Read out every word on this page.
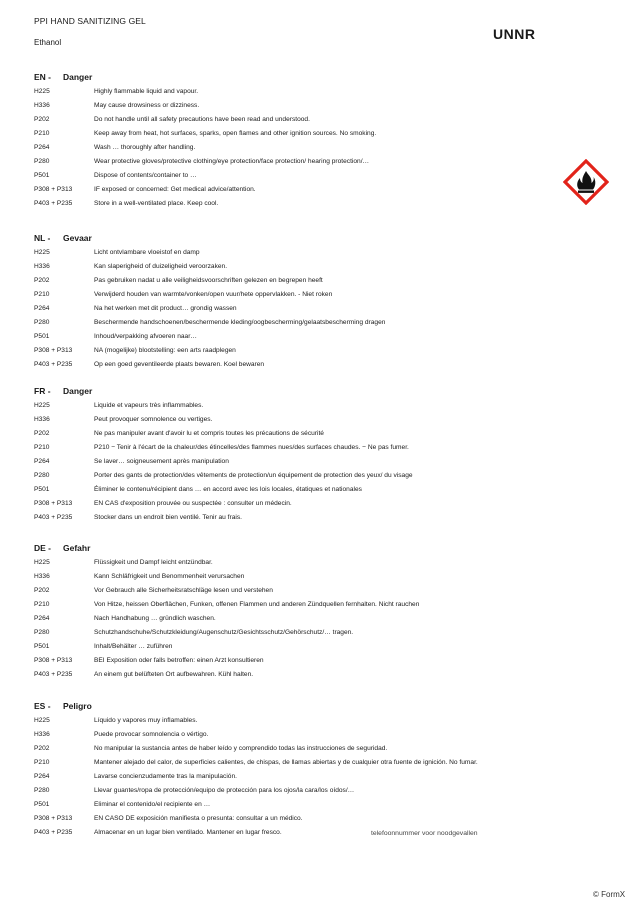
PPI HAND SANITIZING GEL
Ethanol
UNNR
EN - Danger
H225	Highly flammable liquid and vapour.
H336	May cause drowsiness or dizziness.
P202	Do not handle until all safety precautions have been read and understood.
P210	Keep away from heat, hot surfaces, sparks, open flames and other ignition sources. No smoking.
P264	Wash … thoroughly after handling.
P280	Wear protective gloves/protective clothing/eye protection/face protection/ hearing protection/…
P501	Dispose of contents/container to …
P308 + P313	IF exposed or concerned: Get medical advice/attention.
P403 + P235	Store in a well-ventilated place. Keep cool.
NL - Gevaar
H225	Licht ontvlambare vloeistof en damp
H336	Kan slaperigheid of duizeligheid veroorzaken.
P202	Pas gebruiken nadat u alle veiligheidsvoorschriften gelezen en begrepen heeft
P210	Verwijderd houden van warmte/vonken/open vuur/hete oppervlakken. - Niet roken
P264	Na het werken met dit product… grondig wassen
P280	Beschermende handschoenen/beschermende kleding/oogbescherming/gelaatsbescherming dragen
P501	Inhoud/verpakking afvoeren naar…
P308 + P313	NA (mogelijke) blootstelling: een arts raadplegen
P403 + P235	Op een goed geventileerde plaats bewaren. Koel bewaren
FR - Danger
H225	Liquide et vapeurs très inflammables.
H336	Peut provoquer somnolence ou vertiges.
P202	Ne pas manipuler avant d'avoir lu et compris toutes les précautions de sécurité
P210	P210 − Tenir à l'écart de la chaleur/des étincelles/des flammes nues/des surfaces chaudes. − Ne pas fumer.
P264	Se laver… soigneusement après manipulation
P280	Porter des gants de protection/des vêtements de protection/un équipement de protection des yeux/ du visage
P501	Éliminer le contenu/récipient dans … en accord avec les lois locales, étatiques et nationales
P308 + P313	EN CAS d'exposition prouvée ou suspectée : consulter un médecin.
P403 + P235	Stocker dans un endroit bien ventilé. Tenir au frais.
DE - Gefahr
H225	Flüssigkeit und Dampf leicht entzündbar.
H336	Kann Schläfrigkeit und Benommenheit verursachen
P202	Vor Gebrauch alle Sicherheitsratschläge lesen und verstehen
P210	Von Hitze, heissen Oberflächen, Funken, offenen Flammen und anderen Zündquellen fernhalten. Nicht rauchen
P264	Nach Handhabung … gründlich waschen.
P280	Schutzhandschuhe/Schutzkleidung/Augenschutz/Gesichtsschutz/Gehörschutz/… tragen.
P501	Inhalt/Behälter … zuführen
P308 + P313	BEI Exposition oder falls betroffen: einen Arzt konsultieren
P403 + P235	An einem gut belüfteten Ort aufbewahren. Kühl halten.
ES - Peligro
H225	Líquido y vapores muy inflamables.
H336	Puede provocar somnolencia o vértigo.
P202	No manipular la sustancia antes de haber leído y comprendido todas las instrucciones de seguridad.
P210	Mantener alejado del calor, de superficies calientes, de chispas, de llamas abiertas y de cualquier otra fuente de ignición. No fumar.
P264	Lavarse concienzudamente tras la manipulación.
P280	Llevar guantes/ropa de protección/equipo de protección para los ojos/la cara/los oídos/…
P501	Eliminar el contenido/el recipiente en …
P308 + P313	EN CASO DE exposición manifiesta o presunta: consultar a un médico.
P403 + P235	Almacenar en un lugar bien ventilado. Mantener en lugar fresco.	telefoonnummer voor noodgevallen
© FormX
